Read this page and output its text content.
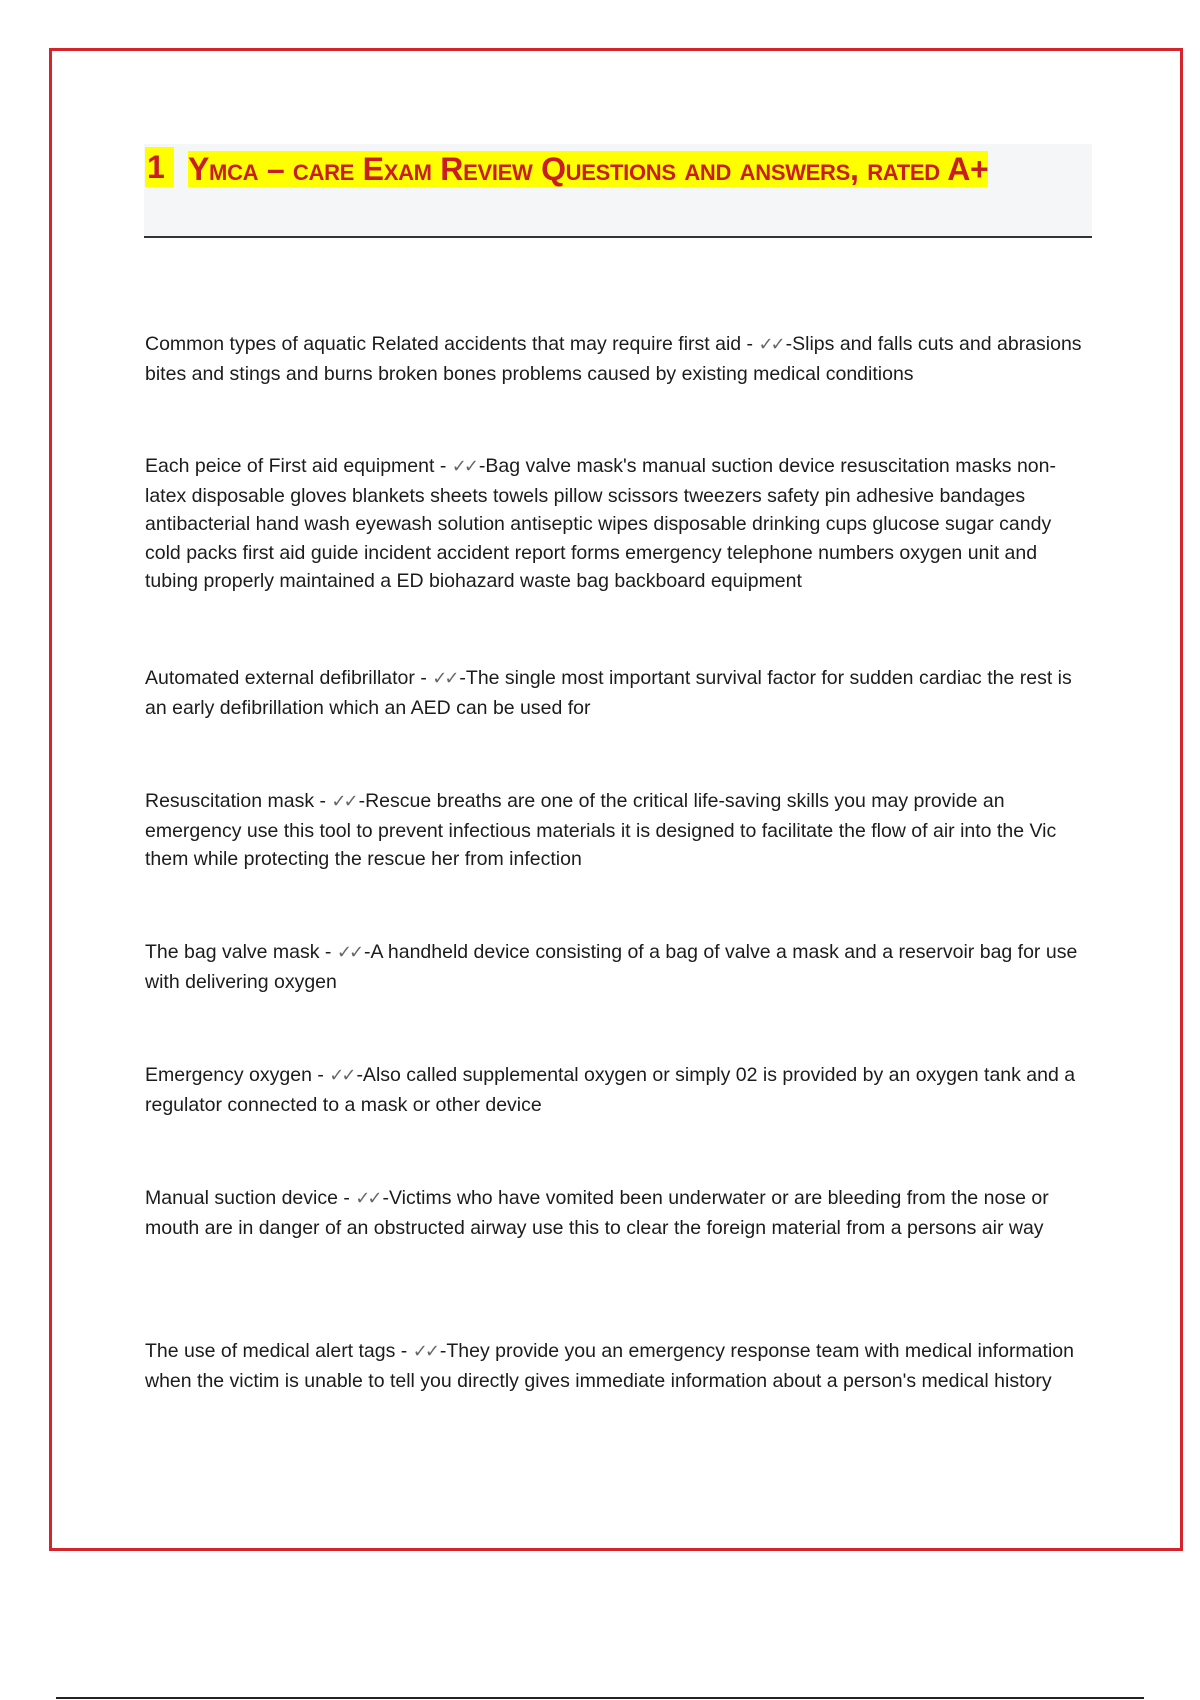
1 Ymca – care Exam Review Questions and answers, rated A+
Common types of aquatic Related accidents that may require first aid - ✓✓ -Slips and falls cuts and abrasions bites and stings and burns broken bones problems caused by existing medical conditions
Each peice of First aid equipment - ✓✓ -Bag valve mask's manual suction device resuscitation masks non-latex disposable gloves blankets sheets towels pillow scissors tweezers safety pin adhesive bandages antibacterial hand wash eyewash solution antiseptic wipes disposable drinking cups glucose sugar candy cold packs first aid guide incident accident report forms emergency telephone numbers oxygen unit and tubing properly maintained a ED biohazard waste bag backboard equipment
Automated external defibrillator - ✓✓ -The single most important survival factor for sudden cardiac the rest is an early defibrillation which an AED can be used for
Resuscitation mask - ✓✓ -Rescue breaths are one of the critical life-saving skills you may provide an emergency use this tool to prevent infectious materials it is designed to facilitate the flow of air into the Vic them while protecting the rescue her from infection
The bag valve mask - ✓✓ -A handheld device consisting of a bag of valve a mask and a reservoir bag for use with delivering oxygen
Emergency oxygen - ✓✓ -Also called supplemental oxygen or simply 02 is provided by an oxygen tank and a regulator connected to a mask or other device
Manual suction device - ✓✓ -Victims who have vomited been underwater or are bleeding from the nose or mouth are in danger of an obstructed airway use this to clear the foreign material from a persons air way
The use of medical alert tags - ✓✓ -They provide you an emergency response team with medical information when the victim is unable to tell you directly gives immediate information about a person's medical history
